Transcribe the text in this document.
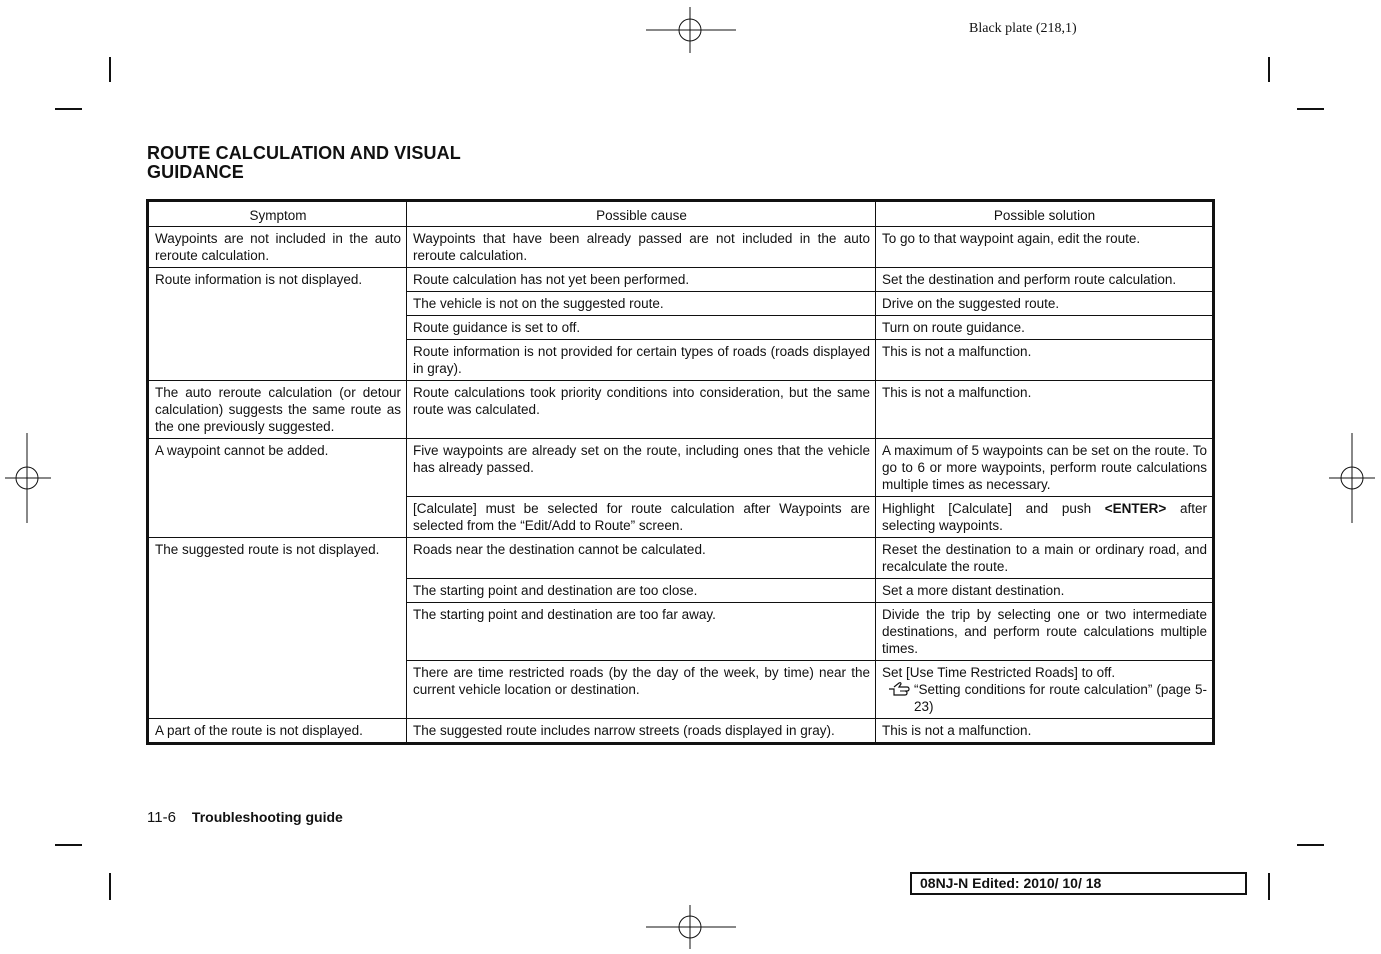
Black plate (218,1)
ROUTE CALCULATION AND VISUAL GUIDANCE
Symptom	Possible cause	Possible solution
Waypoints are not included in the auto reroute calculation.	Waypoints that have been already passed are not included in the auto reroute calculation.	To go to that waypoint again, edit the route.
Route information is not displayed.	Route calculation has not yet been performed.	Set the destination and perform route calculation.
	The vehicle is not on the suggested route.	Drive on the suggested route.
	Route guidance is set to off.	Turn on route guidance.
	Route information is not provided for certain types of roads (roads displayed in gray).	This is not a malfunction.
The auto reroute calculation (or detour calculation) suggests the same route as the one previously suggested.	Route calculations took priority conditions into consideration, but the same route was calculated.	This is not a malfunction.
A waypoint cannot be added.	Five waypoints are already set on the route, including ones that the vehicle has already passed.	A maximum of 5 waypoints can be set on the route. To go to 6 or more waypoints, perform route calculations multiple times as necessary.
	[Calculate] must be selected for route calculation after Waypoints are selected from the “Edit/Add to Route” screen.	Highlight [Calculate] and push <ENTER> after selecting waypoints.
The suggested route is not displayed.	Roads near the destination cannot be calculated.	Reset the destination to a main or ordinary road, and recalculate the route.
	The starting point and destination are too close.	Set a more distant destination.
	The starting point and destination are too far away.	Divide the trip by selecting one or two intermediate destinations, and perform route calculations multiple times.
	There are time restricted roads (by the day of the week, by time) near the current vehicle location or destination.	Set [Use Time Restricted Roads] to off.
“Setting conditions for route calculation” (page 5-23)

A part of the route is not displayed.	The suggested route includes narrow streets (roads displayed in gray).	This is not a malfunction.
11-6 Troubleshooting guide
08NJ-N Edited: 2010/ 10/ 18
